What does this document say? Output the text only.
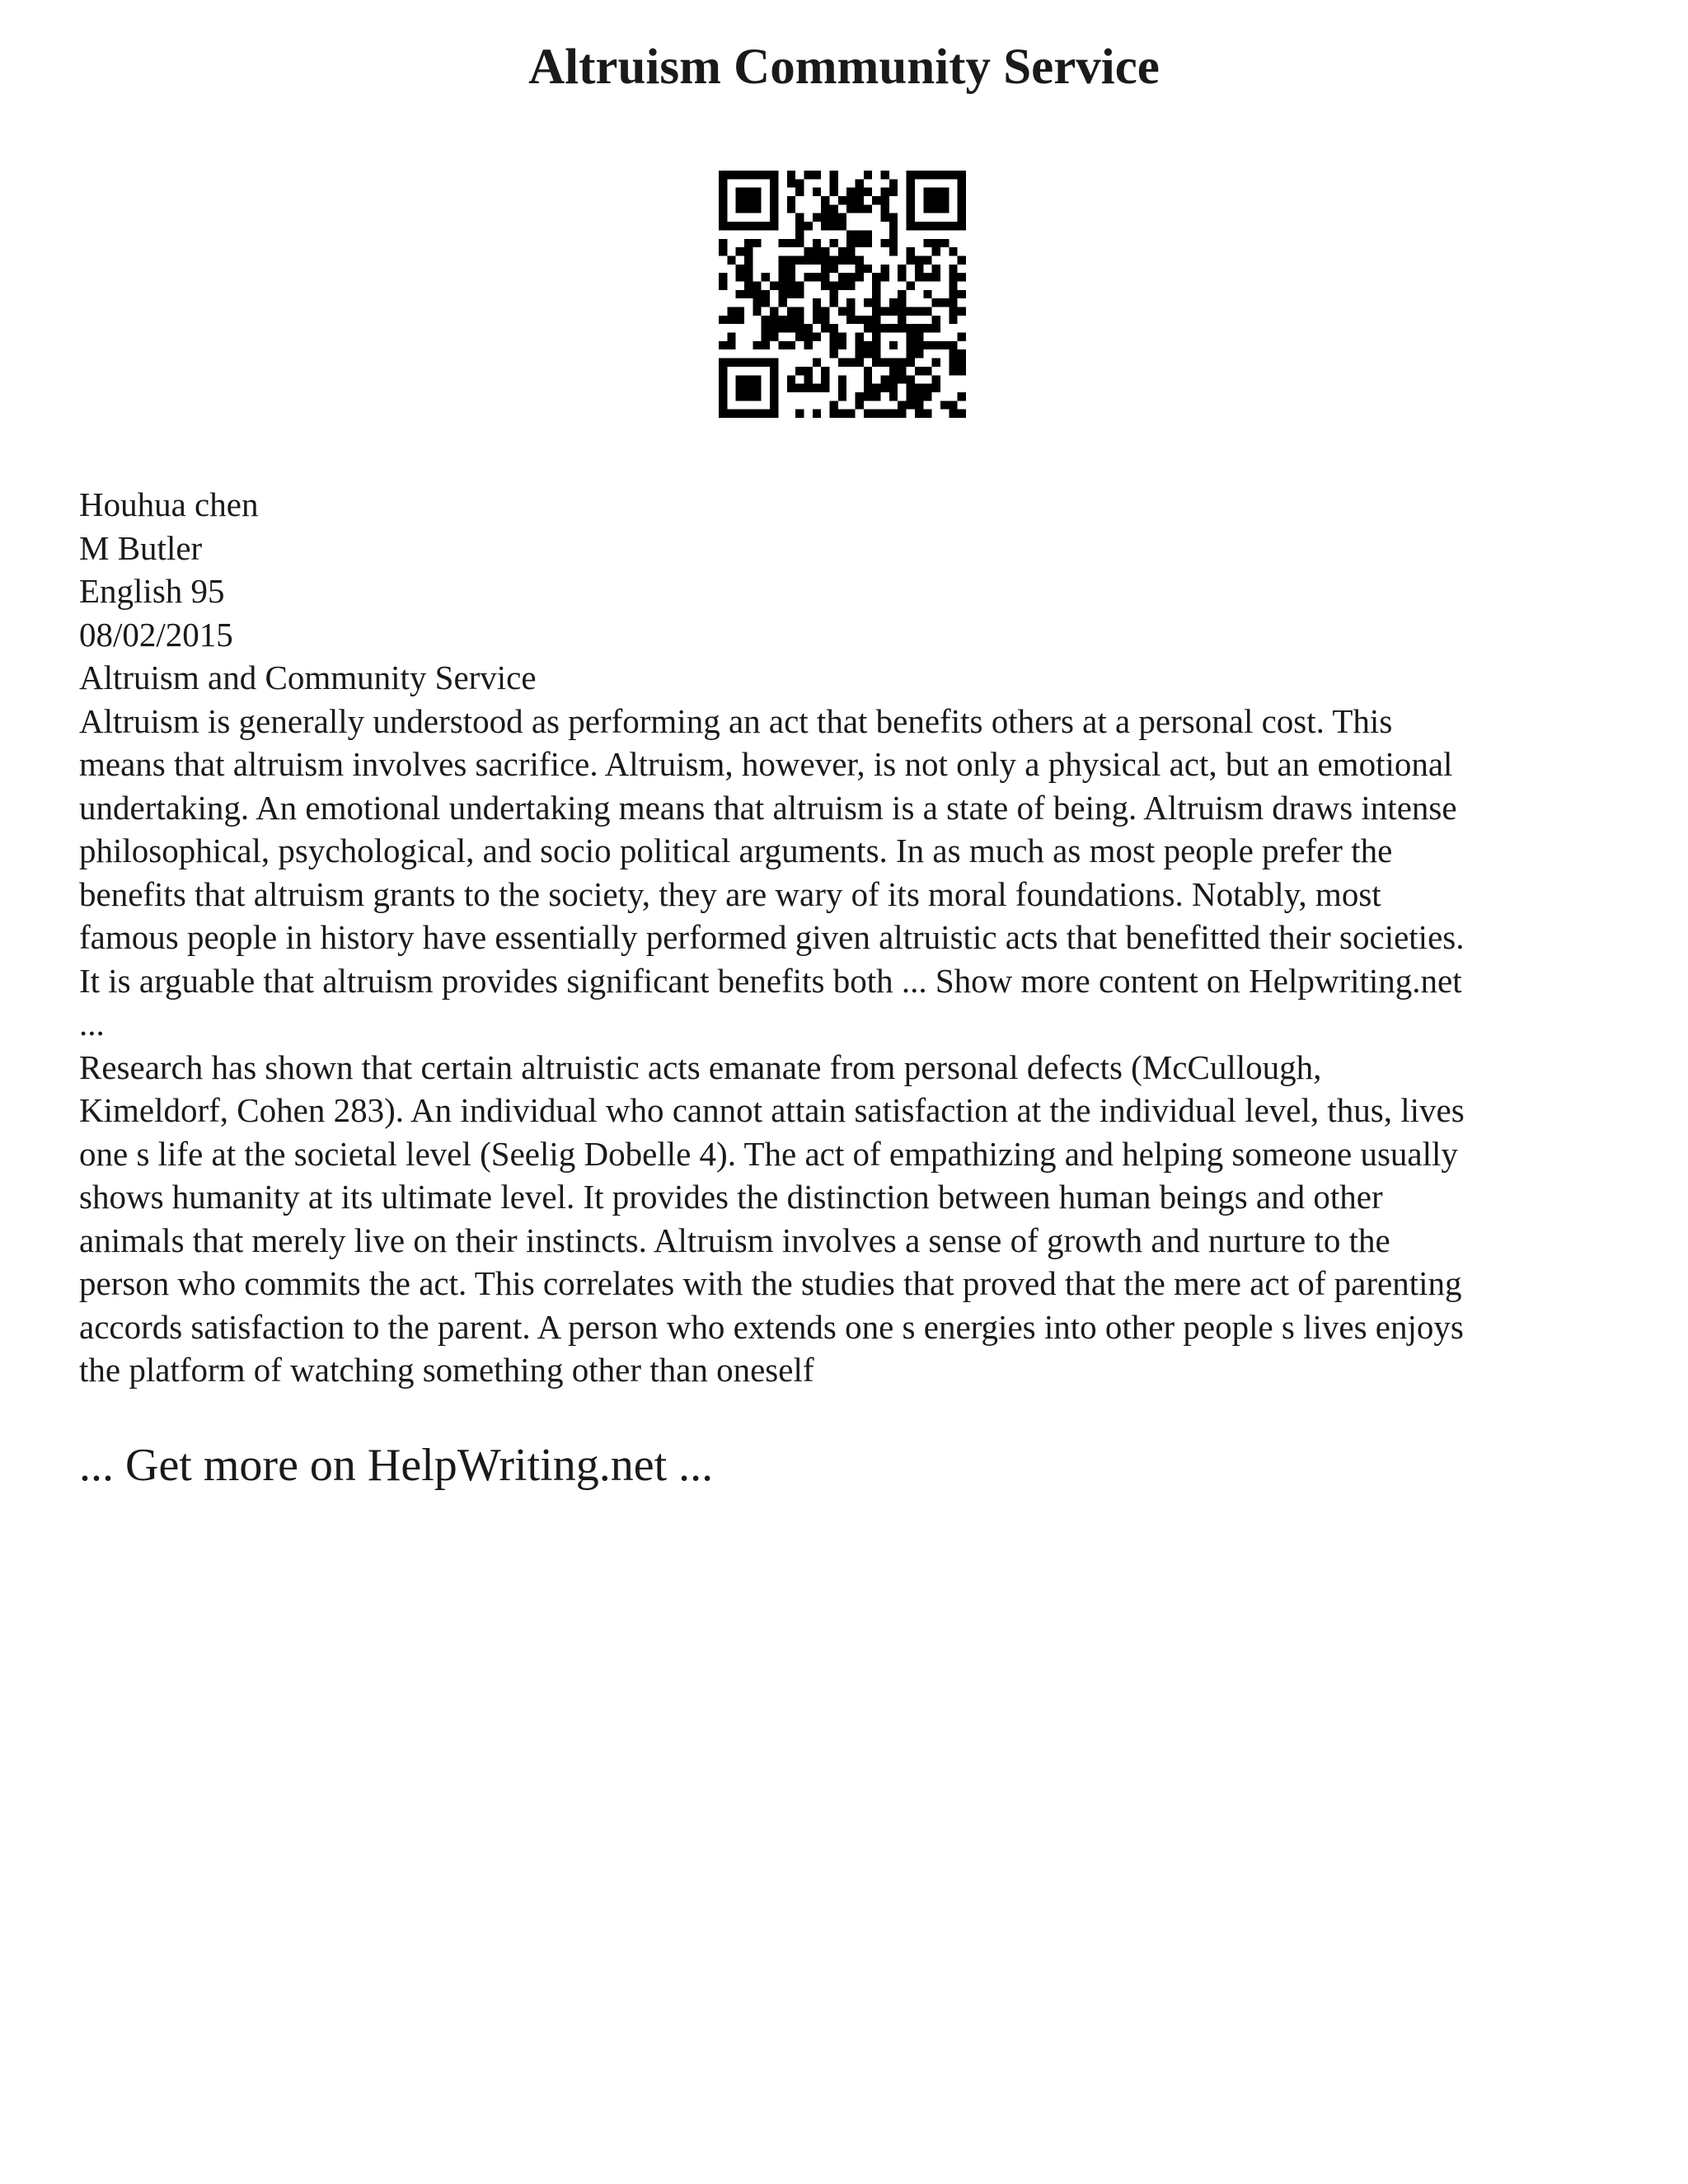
Altruism Community Service
Houhua chen
M Butler
English 95
08/02/2015
Altruism and Community Service
Altruism is generally understood as performing an act that benefits others at a personal cost. This
means that altruism involves sacrifice. Altruism, however, is not only a physical act, but an emotional
undertaking. An emotional undertaking means that altruism is a state of being. Altruism draws intense
philosophical, psychological, and socio political arguments. In as much as most people prefer the
benefits that altruism grants to the society, they are wary of its moral foundations. Notably, most
famous people in history have essentially performed given altruistic acts that benefitted their societies.
It is arguable that altruism provides significant benefits both ... Show more content on Helpwriting.net
...
Research has shown that certain altruistic acts emanate from personal defects (McCullough,
Kimeldorf, Cohen 283). An individual who cannot attain satisfaction at the individual level, thus, lives
one s life at the societal level (Seelig Dobelle 4). The act of empathizing and helping someone usually
shows humanity at its ultimate level. It provides the distinction between human beings and other
animals that merely live on their instincts. Altruism involves a sense of growth and nurture to the
person who commits the act. This correlates with the studies that proved that the mere act of parenting
accords satisfaction to the parent. A person who extends one s energies into other people s lives enjoys
the platform of watching something other than oneself
... Get more on HelpWriting.net ...
